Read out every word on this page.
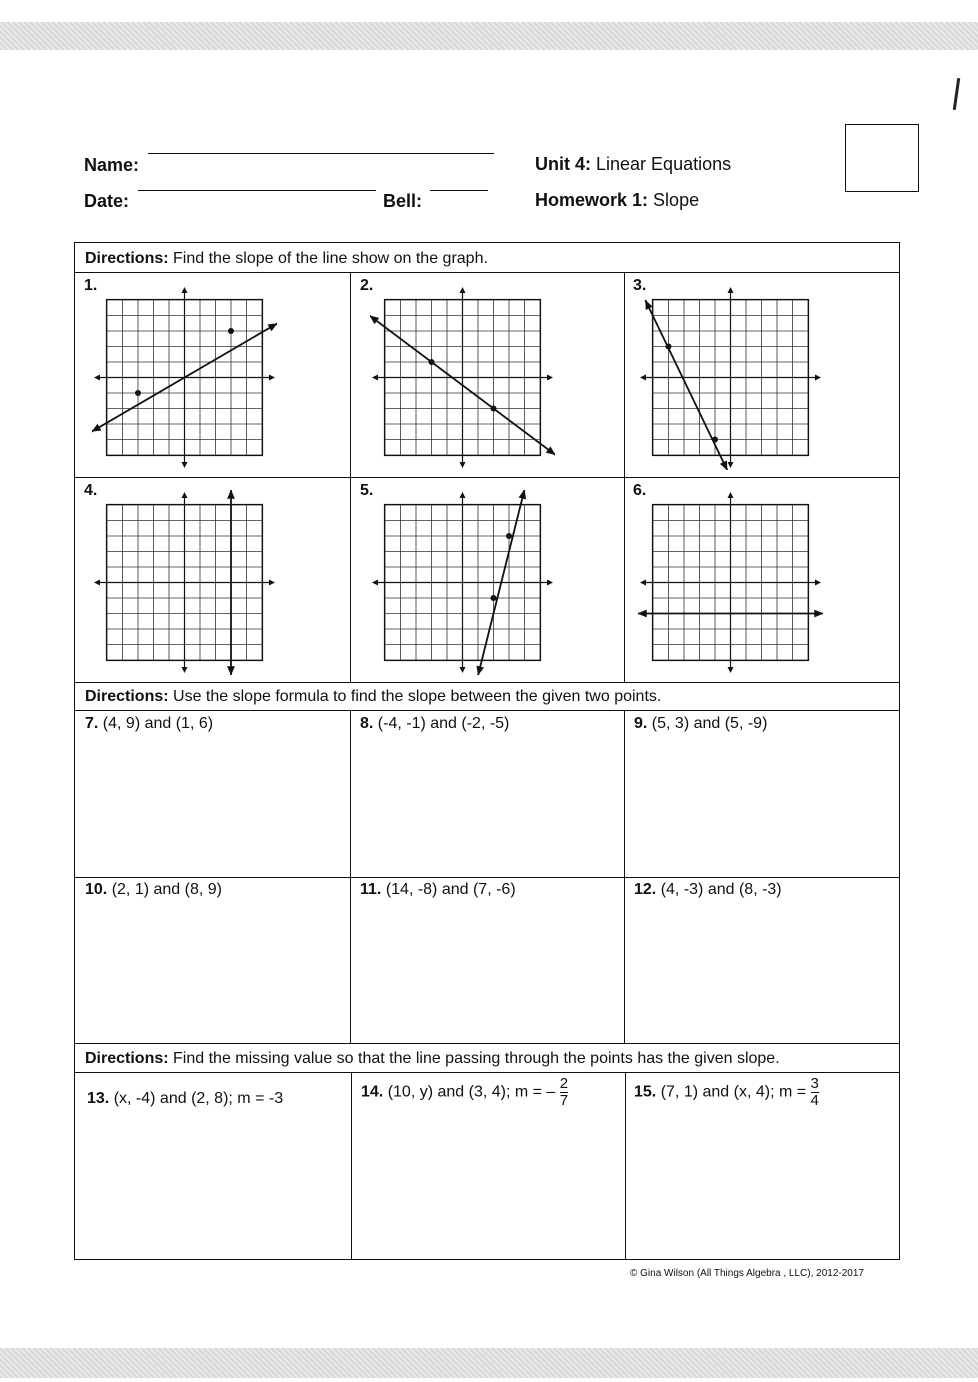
Name:
Date:	Bell:
Unit 4: Linear Equations
Homework 1: Slope
Directions: Find the slope of the line show on the graph.
Directions: Use the slope formula to find the slope between the given two points.
Directions: Find the missing value so that the line passing through the points has the given slope.
1.	2.	3.
4.	5.	6.
7. (4, 9) and (1, 6)	8. (-4, -1) and (-2, -5)	9. (5, 3) and (5, -9)
10. (2, 1) and (8, 9)	11. (14, -8) and (7, -6)	12. (4, -3) and (8, -3)
13. (x, -4) and (2, 8); m = -3	14. (10, y) and (3, 4); m = – $\frac{2}{7}$	15. (7, 1) and (x, 4); $m = \frac{3}{4}$
© Gina Wilson (All Things Algebra , LLC), 2012-2017
